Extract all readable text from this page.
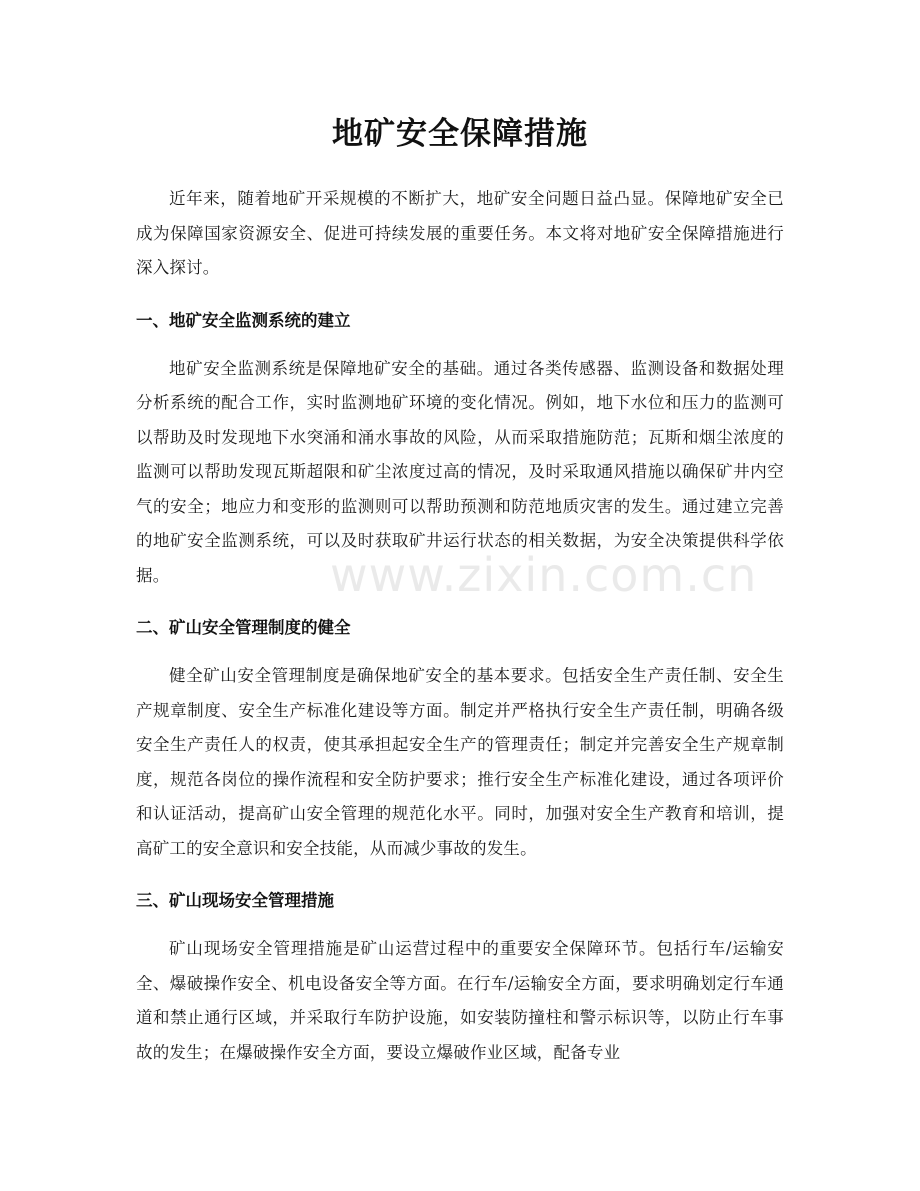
地矿安全保障措施

近年来，随着地矿开采规模的不断扩大，地矿安全问题日益凸显。保障地矿安全已成为保障国家资源安全、促进可持续发展的重要任务。本文将对地矿安全保障措施进行深入探讨。

一、地矿安全监测系统的建立

地矿安全监测系统是保障地矿安全的基础。通过各类传感器、监测设备和数据处理分析系统的配合工作，实时监测地矿环境的变化情况。例如，地下水位和压力的监测可以帮助及时发现地下水突涌和涌水事故的风险，从而采取措施防范；瓦斯和烟尘浓度的监测可以帮助发现瓦斯超限和矿尘浓度过高的情况，及时采取通风措施以确保矿井内空气的安全；地应力和变形的监测则可以帮助预测和防范地质灾害的发生。通过建立完善的地矿安全监测系统，可以及时获取矿井运行状态的相关数据，为安全决策提供科学依据。

二、矿山安全管理制度的健全

健全矿山安全管理制度是确保地矿安全的基本要求。包括安全生产责任制、安全生产规章制度、安全生产标准化建设等方面。制定并严格执行安全生产责任制，明确各级安全生产责任人的权责，使其承担起安全生产的管理责任；制定并完善安全生产规章制度，规范各岗位的操作流程和安全防护要求；推行安全生产标准化建设，通过各项评价和认证活动，提高矿山安全管理的规范化水平。同时，加强对安全生产教育和培训，提高矿工的安全意识和安全技能，从而减少事故的发生。

三、矿山现场安全管理措施

矿山现场安全管理措施是矿山运营过程中的重要安全保障环节。包括行车/运输安全、爆破操作安全、机电设备安全等方面。在行车/运输安全方面，要求明确划定行车通道和禁止通行区域，并采取行车防护设施，如安装防撞柱和警示标识等，以防止行车事故的发生；在爆破操作安全方面，要设立爆破作业区域，配备专业

www.zixin.com.cn
